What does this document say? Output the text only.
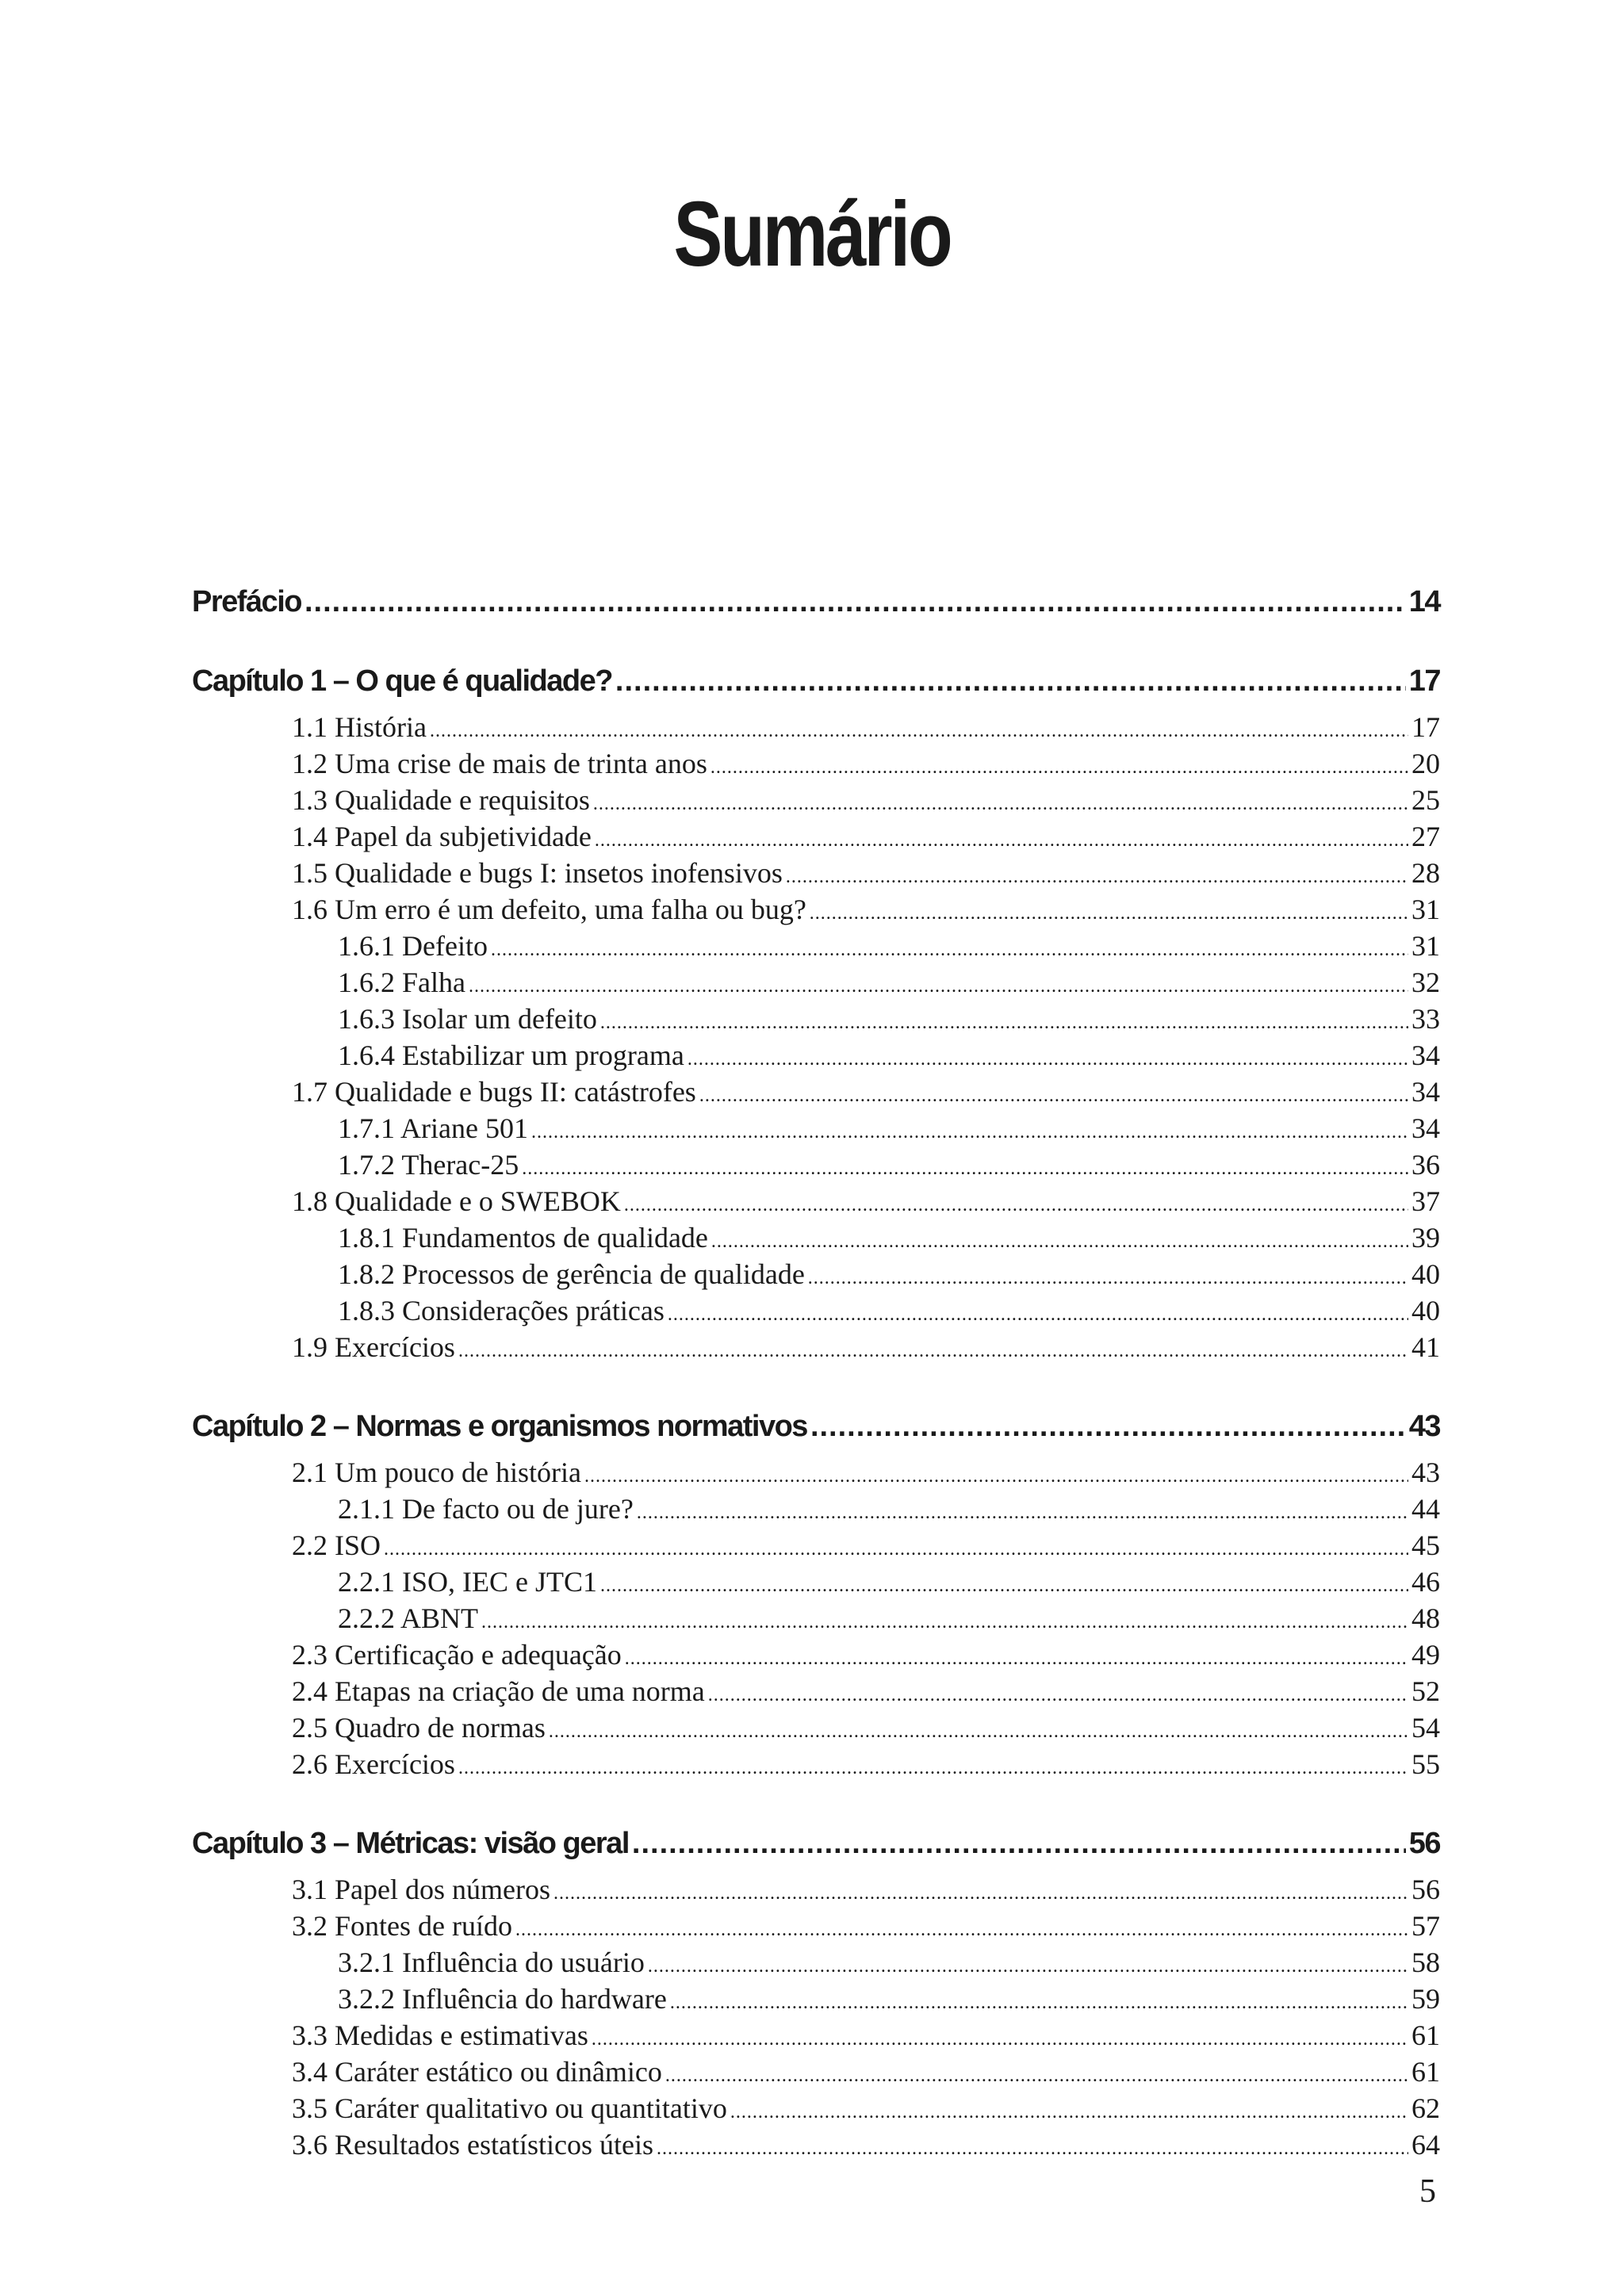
Sumário
Prefácio .....	14
Capítulo 1 – O que é qualidade? .....	17
1.1 História .....	17
1.2 Uma crise de mais de trinta anos .....	20
1.3 Qualidade e requisitos .....	25
1.4 Papel da subjetividade .....	27
1.5 Qualidade e bugs I: insetos inofensivos .....	28
1.6 Um erro é um defeito, uma falha ou bug? .....	31
1.6.1 Defeito .....	31
1.6.2 Falha .....	32
1.6.3 Isolar um defeito .....	33
1.6.4 Estabilizar um programa .....	34
1.7 Qualidade e bugs II: catástrofes .....	34
1.7.1 Ariane 501 .....	34
1.7.2 Therac-25 .....	36
1.8 Qualidade e o SWEBOK .....	37
1.8.1 Fundamentos de qualidade .....	39
1.8.2 Processos de gerência de qualidade .....	40
1.8.3 Considerações práticas .....	40
1.9 Exercícios .....	41
Capítulo 2 – Normas e organismos normativos .....	43
2.1 Um pouco de história .....	43
2.1.1 De facto ou de jure? .....	44
2.2 ISO .....	45
2.2.1 ISO, IEC e JTC1 .....	46
2.2.2 ABNT .....	48
2.3 Certificação e adequação .....	49
2.4 Etapas na criação de uma norma .....	52
2.5 Quadro de normas .....	54
2.6 Exercícios .....	55
Capítulo 3 – Métricas: visão geral .....	56
3.1 Papel dos números .....	56
3.2 Fontes de ruído .....	57
3.2.1 Influência do usuário .....	58
3.2.2 Influência do hardware .....	59
3.3 Medidas e estimativas .....	61
3.4 Caráter estático ou dinâmico .....	61
3.5 Caráter qualitativo ou quantitativo .....	62
3.6 Resultados estatísticos úteis .....	64
5
